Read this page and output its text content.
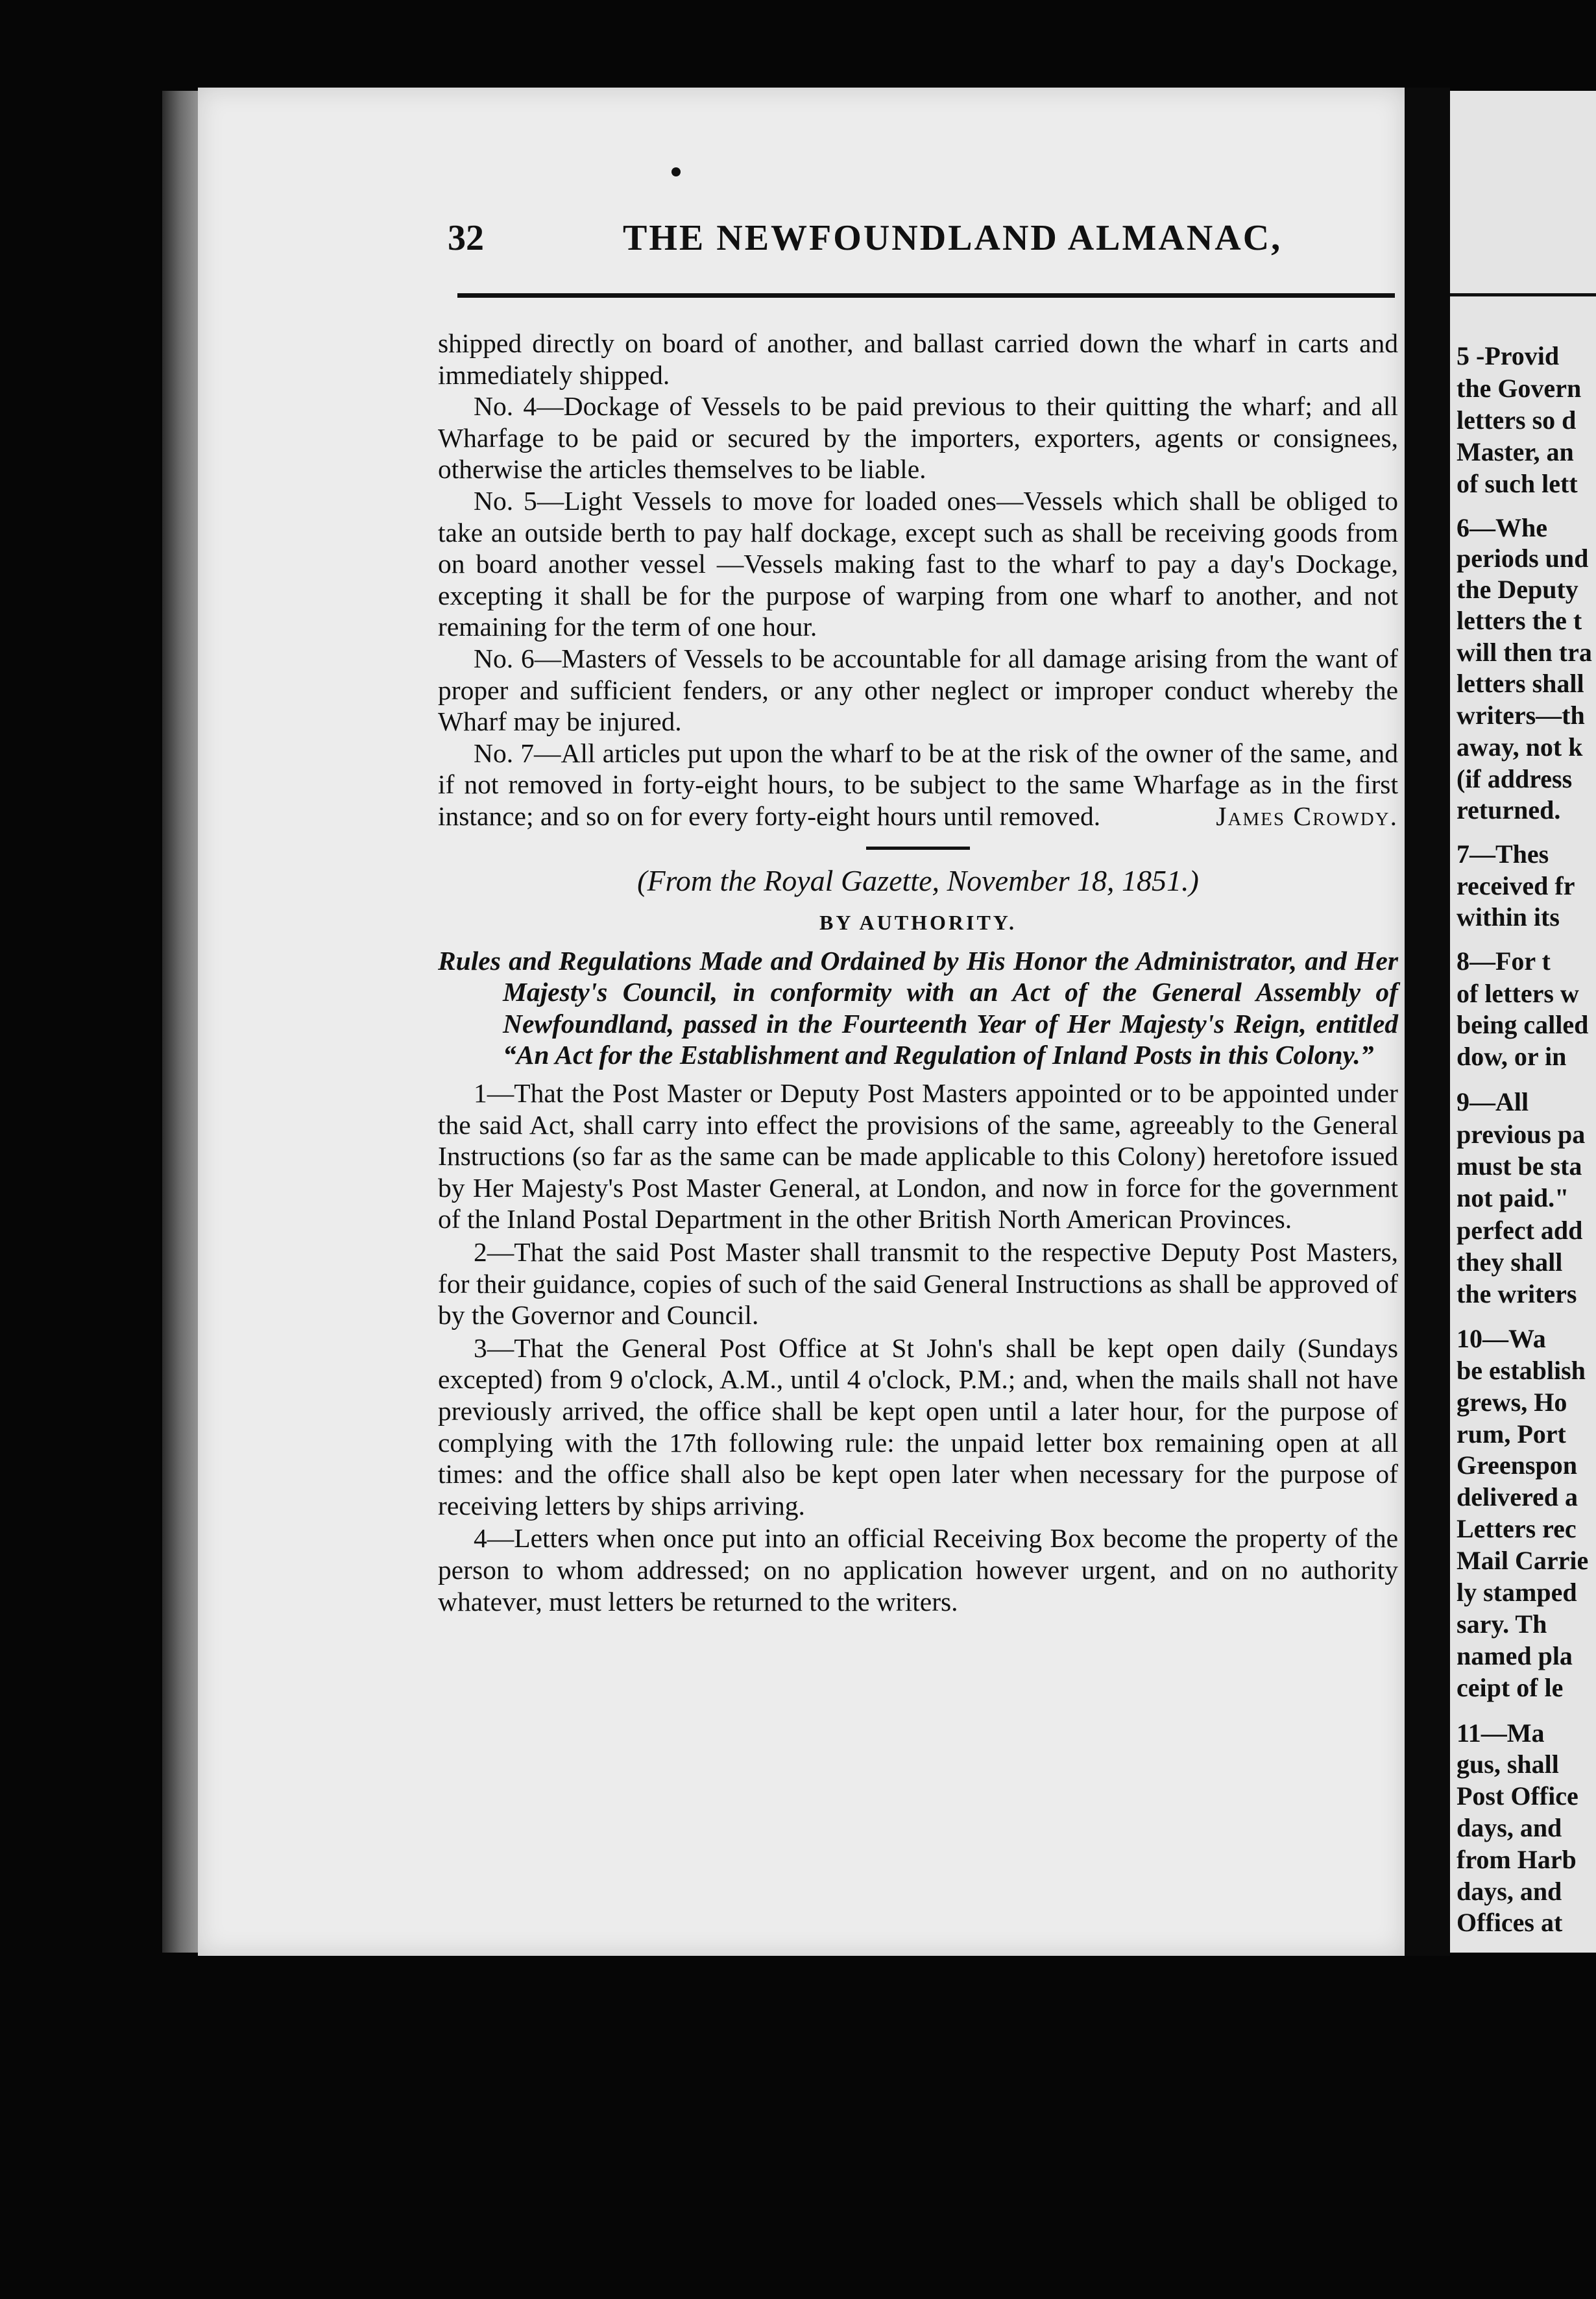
32	THE NEWFOUNDLAND ALMANAC,

shipped directly on board of another, and ballast carried down the wharf in carts and immediately shipped.

No. 4—Dockage of Vessels to be paid previous to their quitting the wharf; and all Wharfage to be paid or secured by the importers, exporters, agents or consignees, otherwise the articles themselves to be liable.

No. 5—Light Vessels to move for loaded ones—Vessels which shall be obliged to take an outside berth to pay half dockage, except such as shall be receiving goods from on board another vessel —Vessels making fast to the wharf to pay a day's Dockage, excepting it shall be for the purpose of warping from one wharf to another, and not remaining for the term of one hour.

No. 6—Masters of Vessels to be accountable for all damage arising from the want of proper and sufficient fenders, or any other neglect or improper conduct whereby the Wharf may be injured.

No. 7—All articles put upon the wharf to be at the risk of the owner of the same, and if not removed in forty-eight hours, to be subject to the same Wharfage as in the first instance; and so on for every forty-eight hours until removed.	James Crowdy.

(From the Royal Gazette, November 18, 1851.)

BY AUTHORITY.

Rules and Regulations Made and Ordained by His Honor the Administrator, and Her Majesty's Council, in conformity with an Act of the General Assembly of Newfoundland, passed in the Fourteenth Year of Her Majesty's Reign, entitled “An Act for the Establishment and Regulation of Inland Posts in this Colony.”

1—That the Post Master or Deputy Post Masters appointed or to be appointed under the said Act, shall carry into effect the provisions of the same, agreeably to the General Instructions (so far as the same can be made applicable to this Colony) heretofore issued by Her Majesty's Post Master General, at London, and now in force for the government of the Inland Postal Department in the other British North American Provinces.

2—That the said Post Master shall transmit to the respective Deputy Post Masters, for their guidance, copies of such of the said General Instructions as shall be approved of by the Governor and Council.

3—That the General Post Office at St John's shall be kept open daily (Sundays excepted) from 9 o'clock, A.M., until 4 o'clock, P.M.; and, when the mails shall not have previously arrived, the office shall be kept open until a later hour, for the purpose of complying with the 17th following rule: the unpaid letter box remaining open at all times: and the office shall also be kept open later when necessary for the purpose of receiving letters by ships arriving.

4—Letters when once put into an official Receiving Box become the property of the person to whom addressed; on no application however urgent, and on no authority whatever, must letters be returned to the writers.

5 -Provid
the Govern
letters so d
Master, an
of such lett
6—Whe
periods und
the Deputy
letters the t
will then tra
letters shall
writers—th
away, not k
(if address
returned.
7—Thes
received fr
within its
8—For t
of letters w
being called
dow, or in
9—All
previous pa
must be sta
not paid."
perfect add
they shall
the writers
10—Wa
be establish
grews, Ho
rum, Port
Greenspon
delivered a
Letters rec
Mail Carrie
ly stamped
sary. Th
named pla
ceipt of le
11—Ma
gus, shall
Post Office
days, and
from Harb
days, and
Offices at
